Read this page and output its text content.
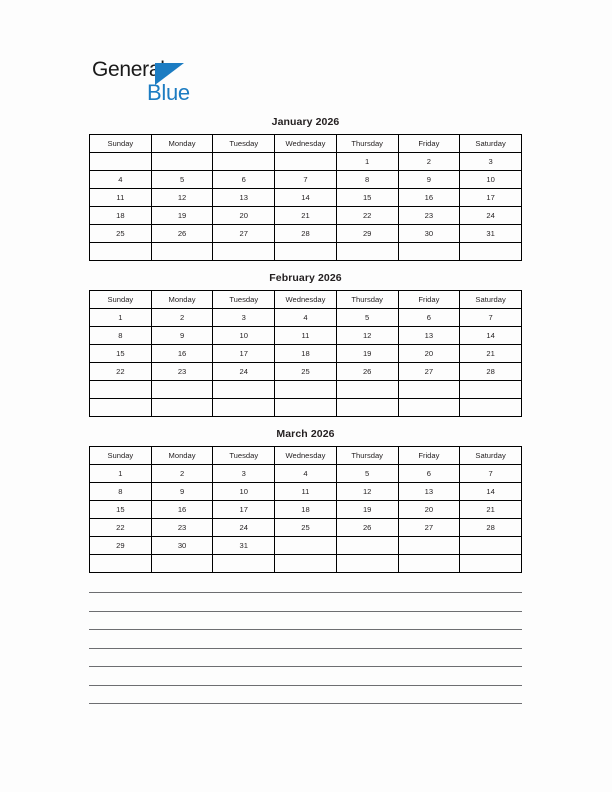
General
Blue
January 2026
Sunday	Monday	Tuesday	Wednesday	Thursday	Friday	Saturday
				1	2	3
4	5	6	7	8	9	10
11	12	13	14	15	16	17
18	19	20	21	22	23	24
25	26	27	28	29	30	31

February 2026
Sunday	Monday	Tuesday	Wednesday	Thursday	Friday	Saturday
1	2	3	4	5	6	7
8	9	10	11	12	13	14
15	16	17	18	19	20	21
22	23	24	25	26	27	28

March 2026
Sunday	Monday	Tuesday	Wednesday	Thursday	Friday	Saturday
1	2	3	4	5	6	7
8	9	10	11	12	13	14
15	16	17	18	19	20	21
22	23	24	25	26	27	28
29	30	31				
